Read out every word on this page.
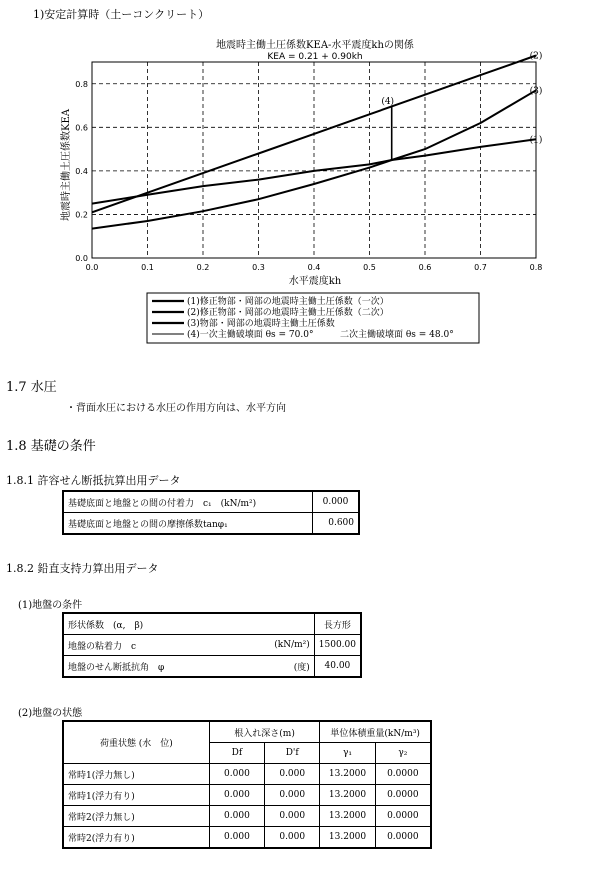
1)安定計算時（土ーコンクリート）
地震時主働土圧係数KEA-水平震度khの関係
KEA = 0.21 + 0.90kh
0.0	0.1	0.2	0.3	0.4	0.5	0.6	0.7	0.8
0.0
0.2
0.4
0.6
0.8
(1)
(2)
(3)
(4)
地震時主働土圧係数KEA
水平震度kh
(1)修正物部・岡部の地震時主働土圧係数（一次）
(2)修正物部・岡部の地震時主働土圧係数（二次）
(3)物部・岡部の地震時主働土圧係数
(4)一次主働破壊面 θs = 70.0°	二次主働破壊面 θs = 48.0°
1.7 水圧
・背面水圧における水圧の作用方向は、水平方向
1.8 基礎の条件
1.8.1 許容せん断抵抗算出用データ
基礎底面と地盤との間の付着力　c₁　(kN/m²)	0.000
基礎底面と地盤との間の摩擦係数tanφ₁	0.600
1.8.2 鉛直支持力算出用データ
(1)地盤の条件
形状係数　(α,　β)		長方形
地盤の粘着力　c	(kN/m²)	1500.00
地盤のせん断抵抗角　φ	(度)	40.00
(2)地盤の状態
荷重状態 (水　位)	根入れ深さ(m)		単位体積重量(kN/m³)	
	Df	D'f	γ₁	γ₂
常時1(浮力無し)	0.000	0.000	13.2000	0.0000
常時1(浮力有り)	0.000	0.000	13.2000	0.0000
常時2(浮力無し)	0.000	0.000	13.2000	0.0000
常時2(浮力有り)	0.000	0.000	13.2000	0.0000
